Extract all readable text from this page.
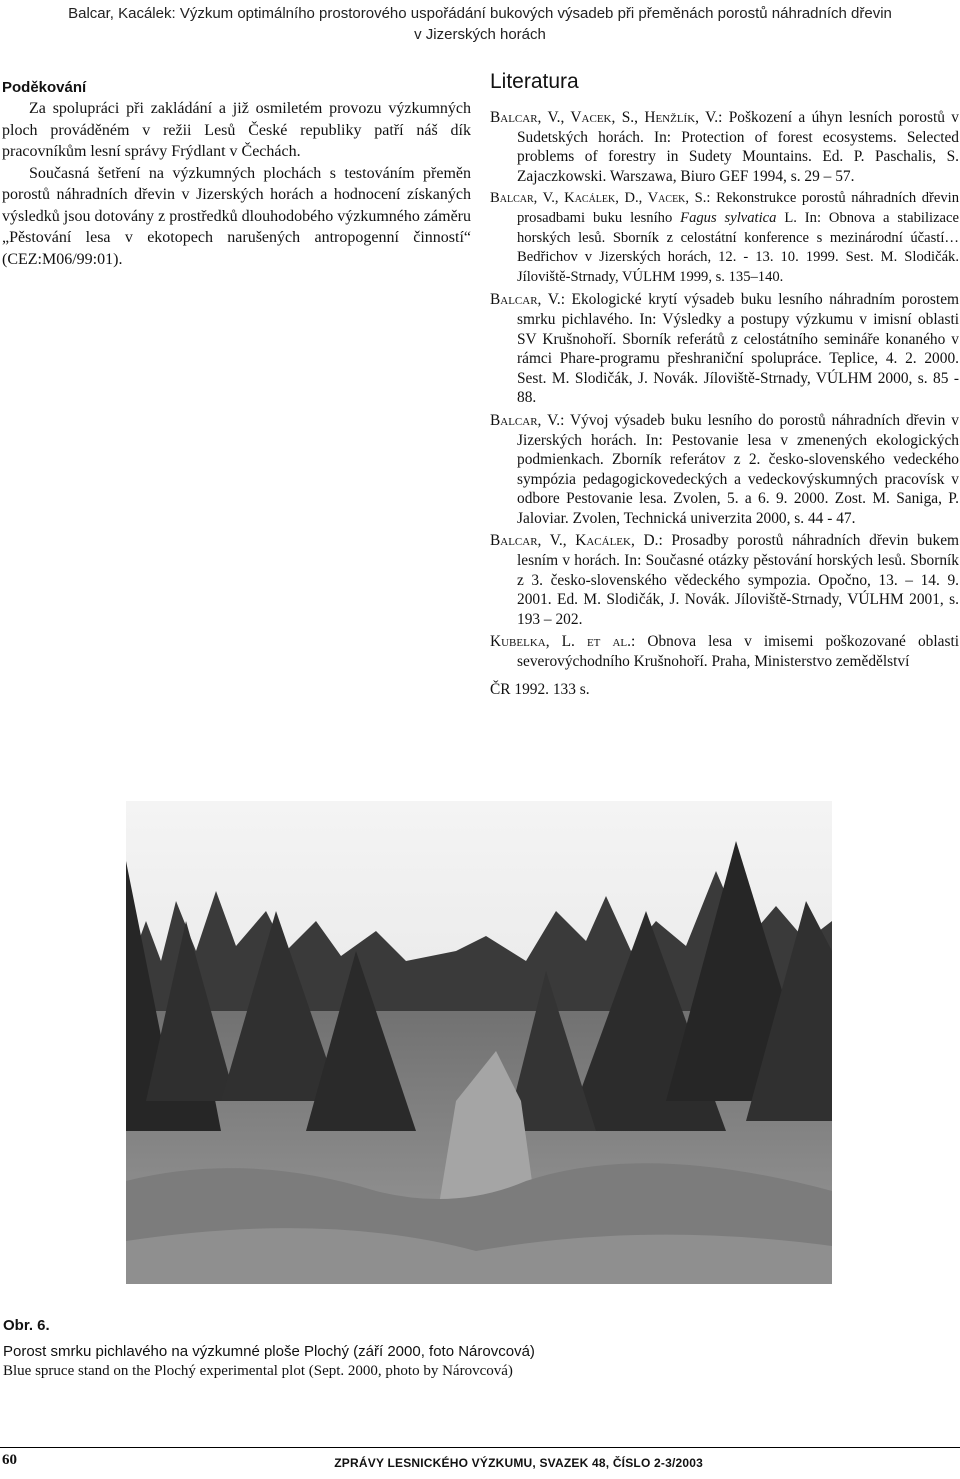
Balcar, Kacálek: Výzkum optimálního prostorového uspořádání bukových výsadeb při přeměnách porostů náhradních dřevin
v Jizerských horách
Poděkování

Za spolupráci při zakládání a již osmiletém provozu výzkumných ploch prováděném v režii Lesů České republiky patří náš dík pracovníkům lesní správy Frýdlant v Čechách.

Současná šetření na výzkumných plochách s testováním přeměn porostů náhradních dřevin v Jizerských horách a hodnocení získaných výsledků jsou dotovány z prostředků dlouhodobého výzkumného záměru „Pěstování lesa v ekotopech narušených antropogenní činností“ (CEZ:M06/99:01).

Literatura
Balcar, V., Vacek, S., Henžlík, V.: Poškození a úhyn lesních porostů v Sudetských horách. In: Protection of forest ecosystems. Selected problems of forestry in Sudety Mountains. Ed. P. Paschalis, S. Zajaczkowski. Warszawa, Biuro GEF 1994, s. 29 – 57.
Balcar, V., Kacálek, D., Vacek, S.: Rekonstrukce porostů náhradních dřevin prosadbami buku lesního Fagus sylvatica L. In: Obnova a stabilizace horských lesů. Sborník z celostátní konference s mezinárodní účastí… Bedřichov v Jizerských horách, 12. - 13. 10. 1999. Sest. M. Slodičák. Jíloviště-Strnady, VÚLHM 1999, s. 135–140.
Balcar, V.: Ekologické krytí výsadeb buku lesního náhradním porostem smrku pichlavého. In: Výsledky a postupy výzkumu v imisní oblasti SV Krušnohoří. Sborník referátů z celostátního semináře konaného v rámci Phare-programu přeshraniční spolupráce. Teplice, 4. 2. 2000. Sest. M. Slodičák, J. Novák. Jíloviště-Strnady, VÚLHM 2000, s. 85 - 88.
Balcar, V.: Vývoj výsadeb buku lesního do porostů náhradních dřevin v Jizerských horách. In: Pestovanie lesa v zmenených ekologických podmienkach. Zborník referátov z 2. česko-slovenského vedeckého sympózia pedagogickovedeckých a vedeckovýskumných pracovísk v odbore Pestovanie lesa. Zvolen, 5. a 6. 9. 2000. Zost. M. Saniga, P. Jaloviar. Zvolen, Technická univerzita 2000, s. 44 - 47.
Balcar, V., Kacálek, D.: Prosadby porostů náhradních dřevin bukem lesním v horách. In: Současné otázky pěstování horských lesů. Sborník z 3. česko-slovenského vědeckého sympozia. Opočno, 13. – 14. 9. 2001. Ed. M. Slodičák, J. Novák. Jíloviště-Strnady, VÚLHM 2001, s. 193 – 202.
Kubelka, L. et al.: Obnova lesa v imisemi poškozované oblasti severovýchodního Krušnohoří. Praha, Ministerstvo zemědělství
ČR 1992. 133 s.
Obr. 6.
Porost smrku pichlavého na výzkumné ploše Plochý (září 2000, foto Nárovcová)
Blue spruce stand on the Plochý experimental plot (Sept. 2000, photo by Nárovcová)
60	ZPRÁVY LESNICKÉHO VÝZKUMU, SVAZEK 48, ČÍSLO 2-3/2003
